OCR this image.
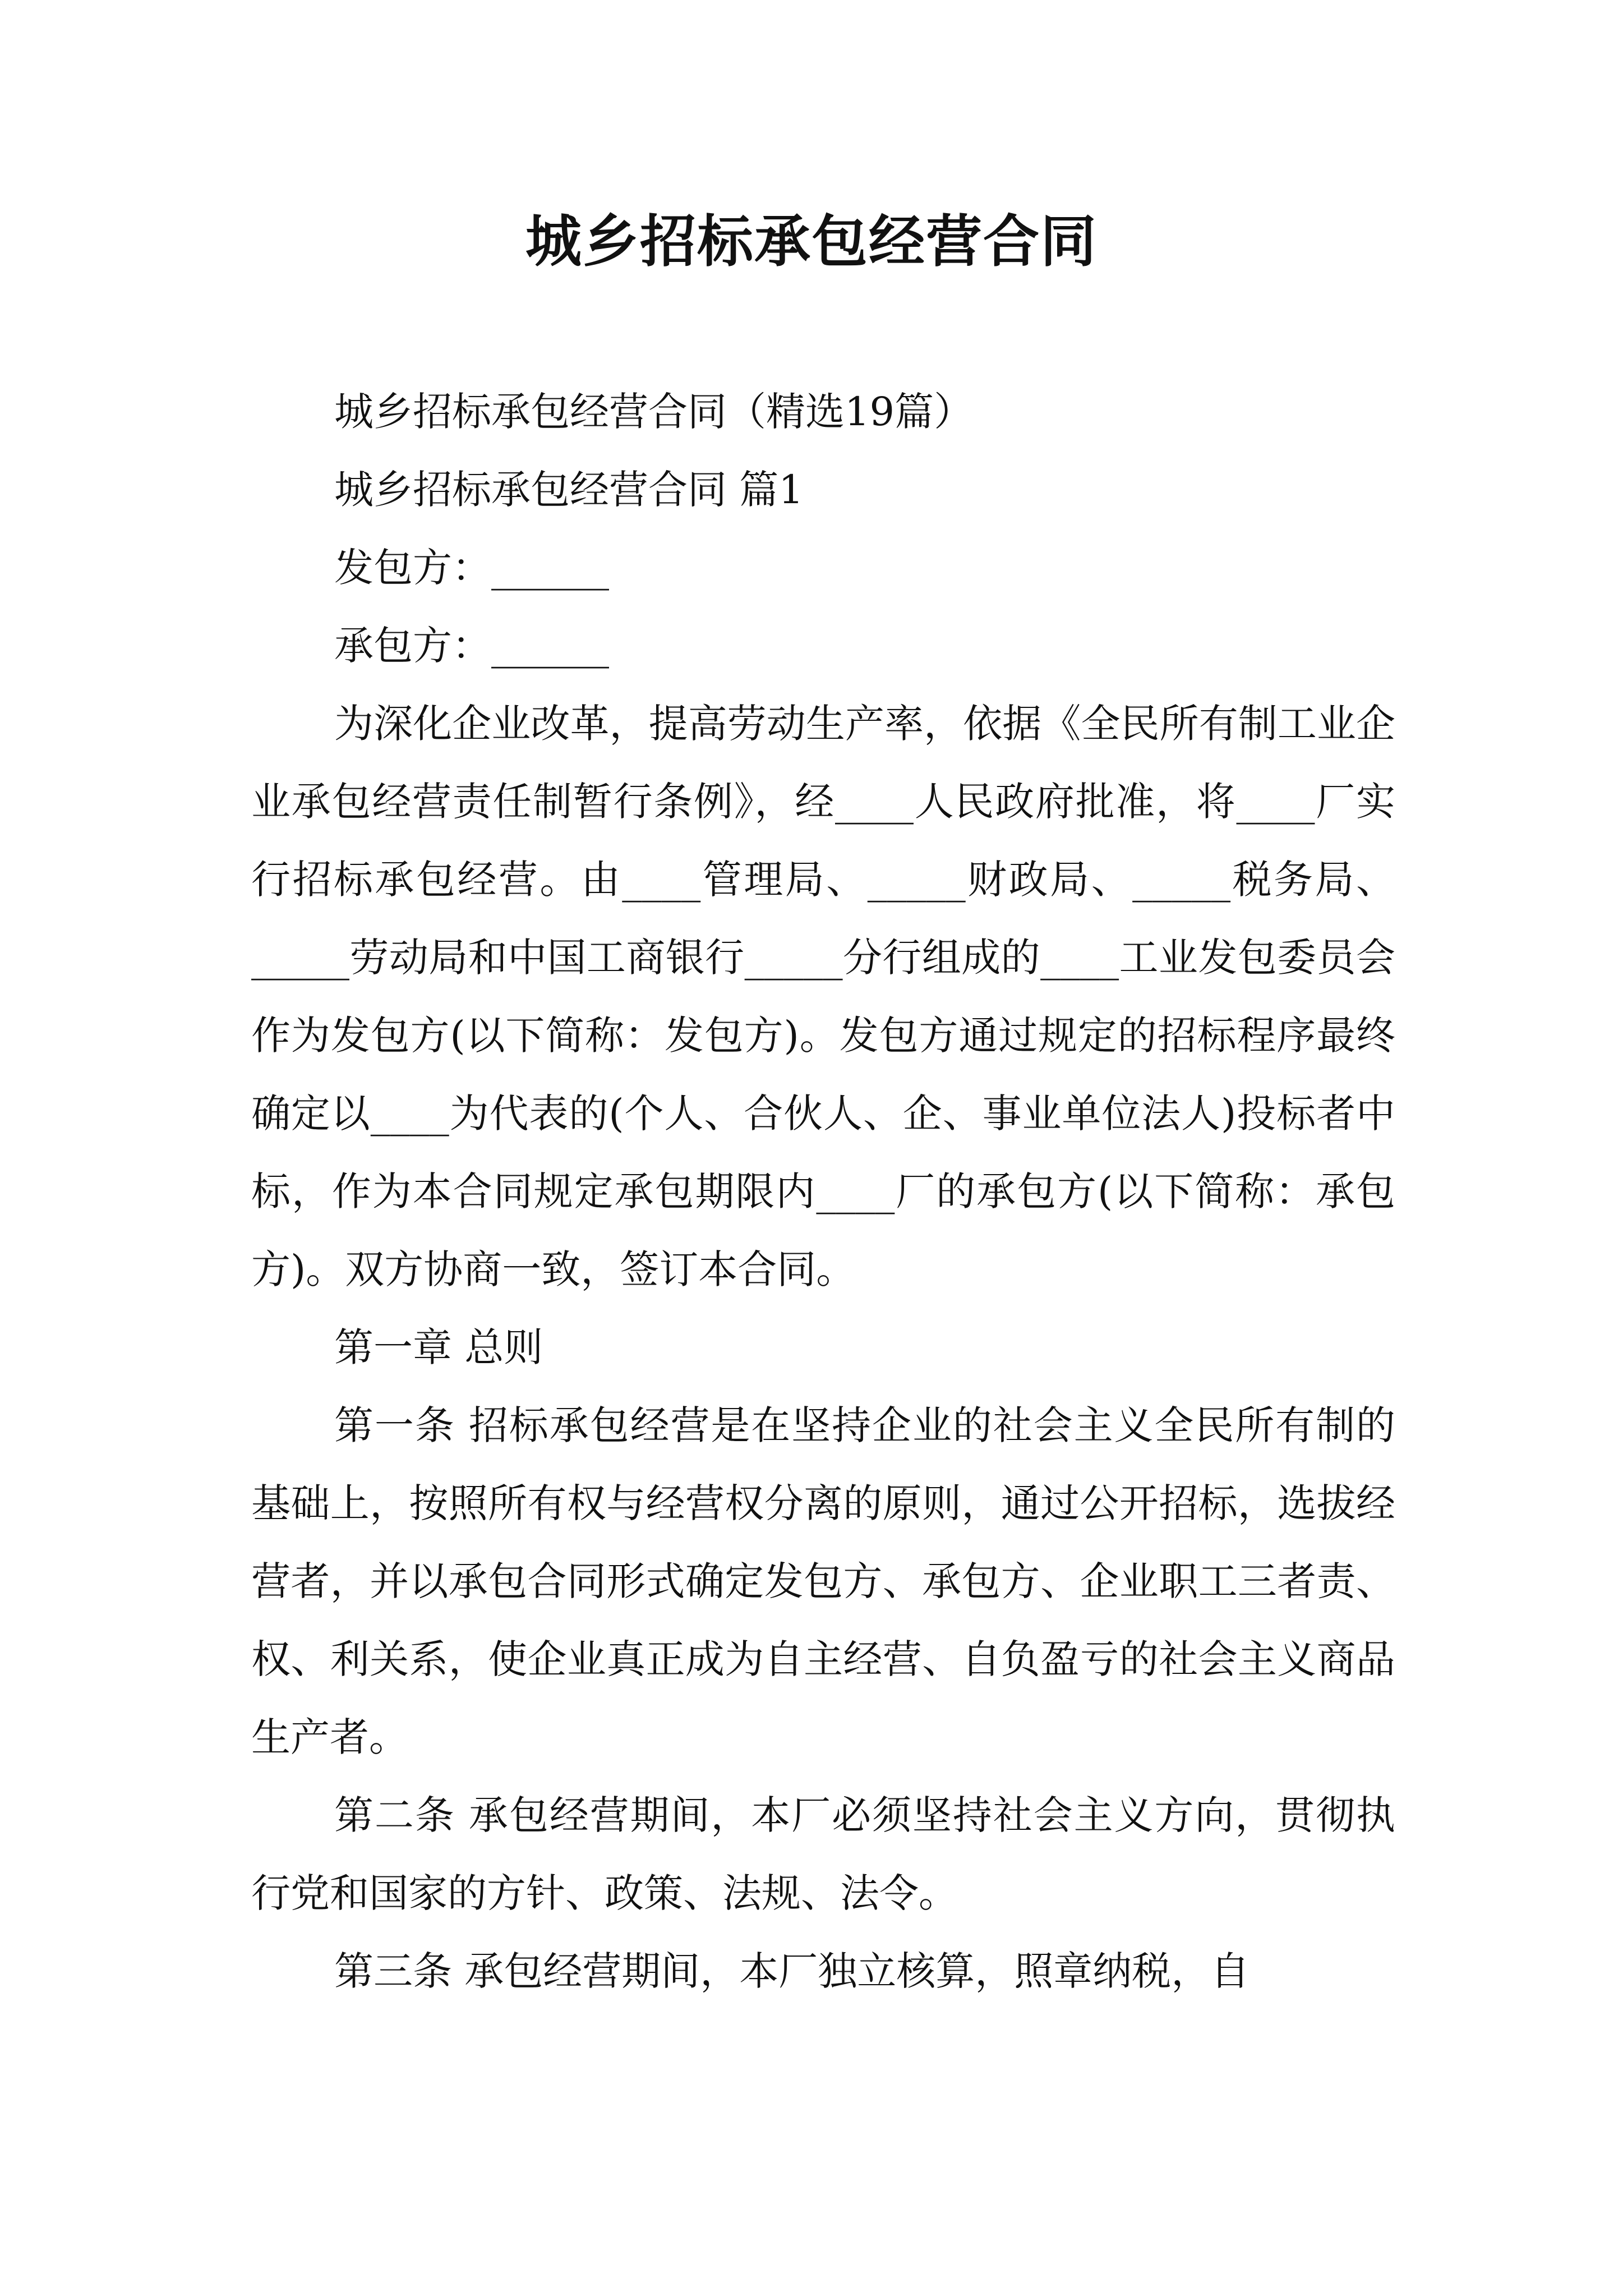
城乡招标承包经营合同

城乡招标承包经营合同（精选19篇）

城乡招标承包经营合同 篇1

发包方：______

承包方：______

为深化企业改革，提高劳动生产率，依据《全民所有制工业企业承包经营责任制暂行条例》，经____人民政府批准，将____厂实行招标承包经营。由____管理局、_____财政局、_____税务局、_____劳动局和中国工商银行_____分行组成的____工业发包委员会作为发包方(以下简称：发包方)。发包方通过规定的招标程序最终确定以____为代表的(个人、合伙人、企、事业单位法人)投标者中标，作为本合同规定承包期限内____厂的承包方(以下简称：承包方)。双方协商一致，签订本合同。

第一章 总则

第一条 招标承包经营是在坚持企业的社会主义全民所有制的基础上，按照所有权与经营权分离的原则，通过公开招标，选拔经营者，并以承包合同形式确定发包方、承包方、企业职工三者责、权、利关系，使企业真正成为自主经营、自负盈亏的社会主义商品生产者。

第二条 承包经营期间，本厂必须坚持社会主义方向，贯彻执行党和国家的方针、政策、法规、法令。

第三条 承包经营期间，本厂独立核算，照章纳税，自
